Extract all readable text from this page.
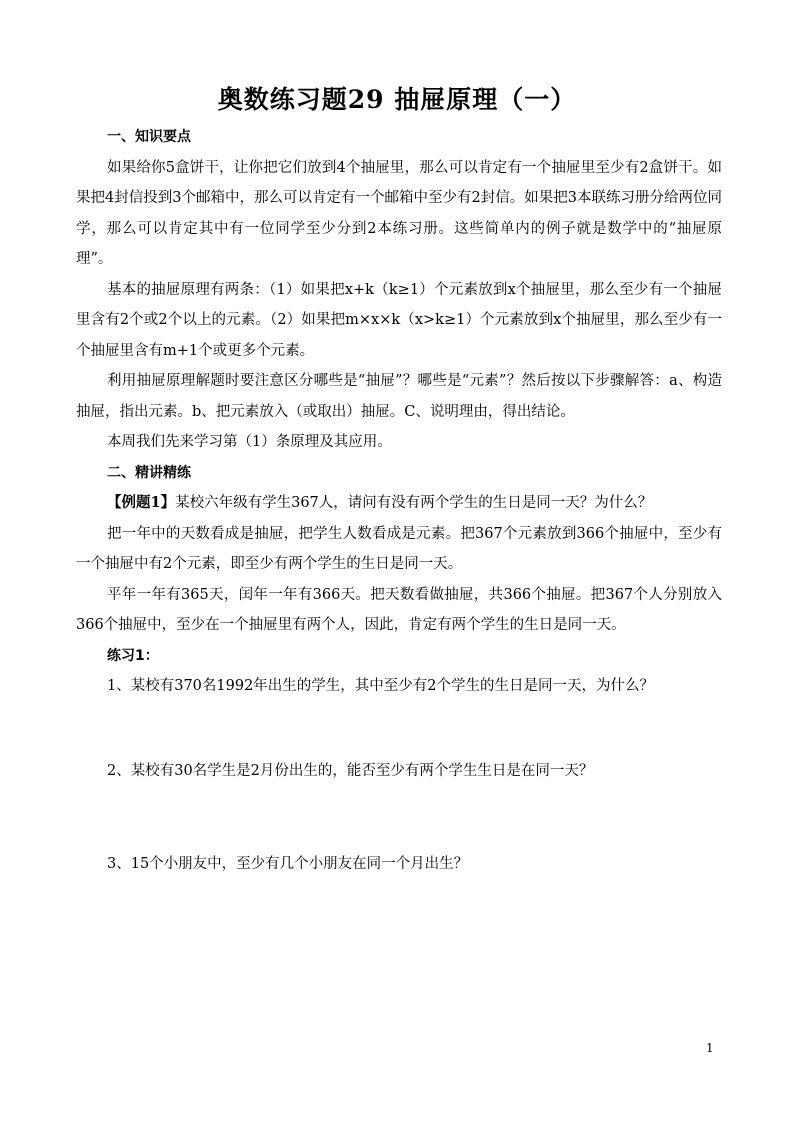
奥数练习题29 抽屉原理（一）

一、知识要点

如果给你5盒饼干，让你把它们放到4个抽屉里，那么可以肯定有一个抽屉里至少有2盒饼干。如果把4封信投到3个邮箱中，那么可以肯定有一个邮箱中至少有2封信。如果把3本联练习册分给两位同学，那么可以肯定其中有一位同学至少分到2本练习册。这些简单内的例子就是数学中的“抽屉原理”。

基本的抽屉原理有两条：（1）如果把x+k（k≥1）个元素放到x个抽屉里，那么至少有一个抽屉里含有2个或2个以上的元素。（2）如果把m×x×k（x>k≥1）个元素放到x个抽屉里，那么至少有一个抽屉里含有m+1个或更多个元素。

利用抽屉原理解题时要注意区分哪些是“抽屉”？哪些是“元素”？然后按以下步骤解答：a、构造抽屉，指出元素。b、把元素放入（或取出）抽屉。C、说明理由，得出结论。

本周我们先来学习第（1）条原理及其应用。

二、精讲精练

【例题1】某校六年级有学生367人，请问有没有两个学生的生日是同一天？为什么？

把一年中的天数看成是抽屉，把学生人数看成是元素。把367个元素放到366个抽屉中，至少有一个抽屉中有2个元素，即至少有两个学生的生日是同一天。

平年一年有365天，闰年一年有366天。把天数看做抽屉，共366个抽屉。把367个人分别放入366个抽屉中，至少在一个抽屉里有两个人，因此，肯定有两个学生的生日是同一天。

练习1：

1、某校有370名1992年出生的学生，其中至少有2个学生的生日是同一天，为什么？

2、某校有30名学生是2月份出生的，能否至少有两个学生生日是在同一天？

3、15个小朋友中，至少有几个小朋友在同一个月出生？

1
